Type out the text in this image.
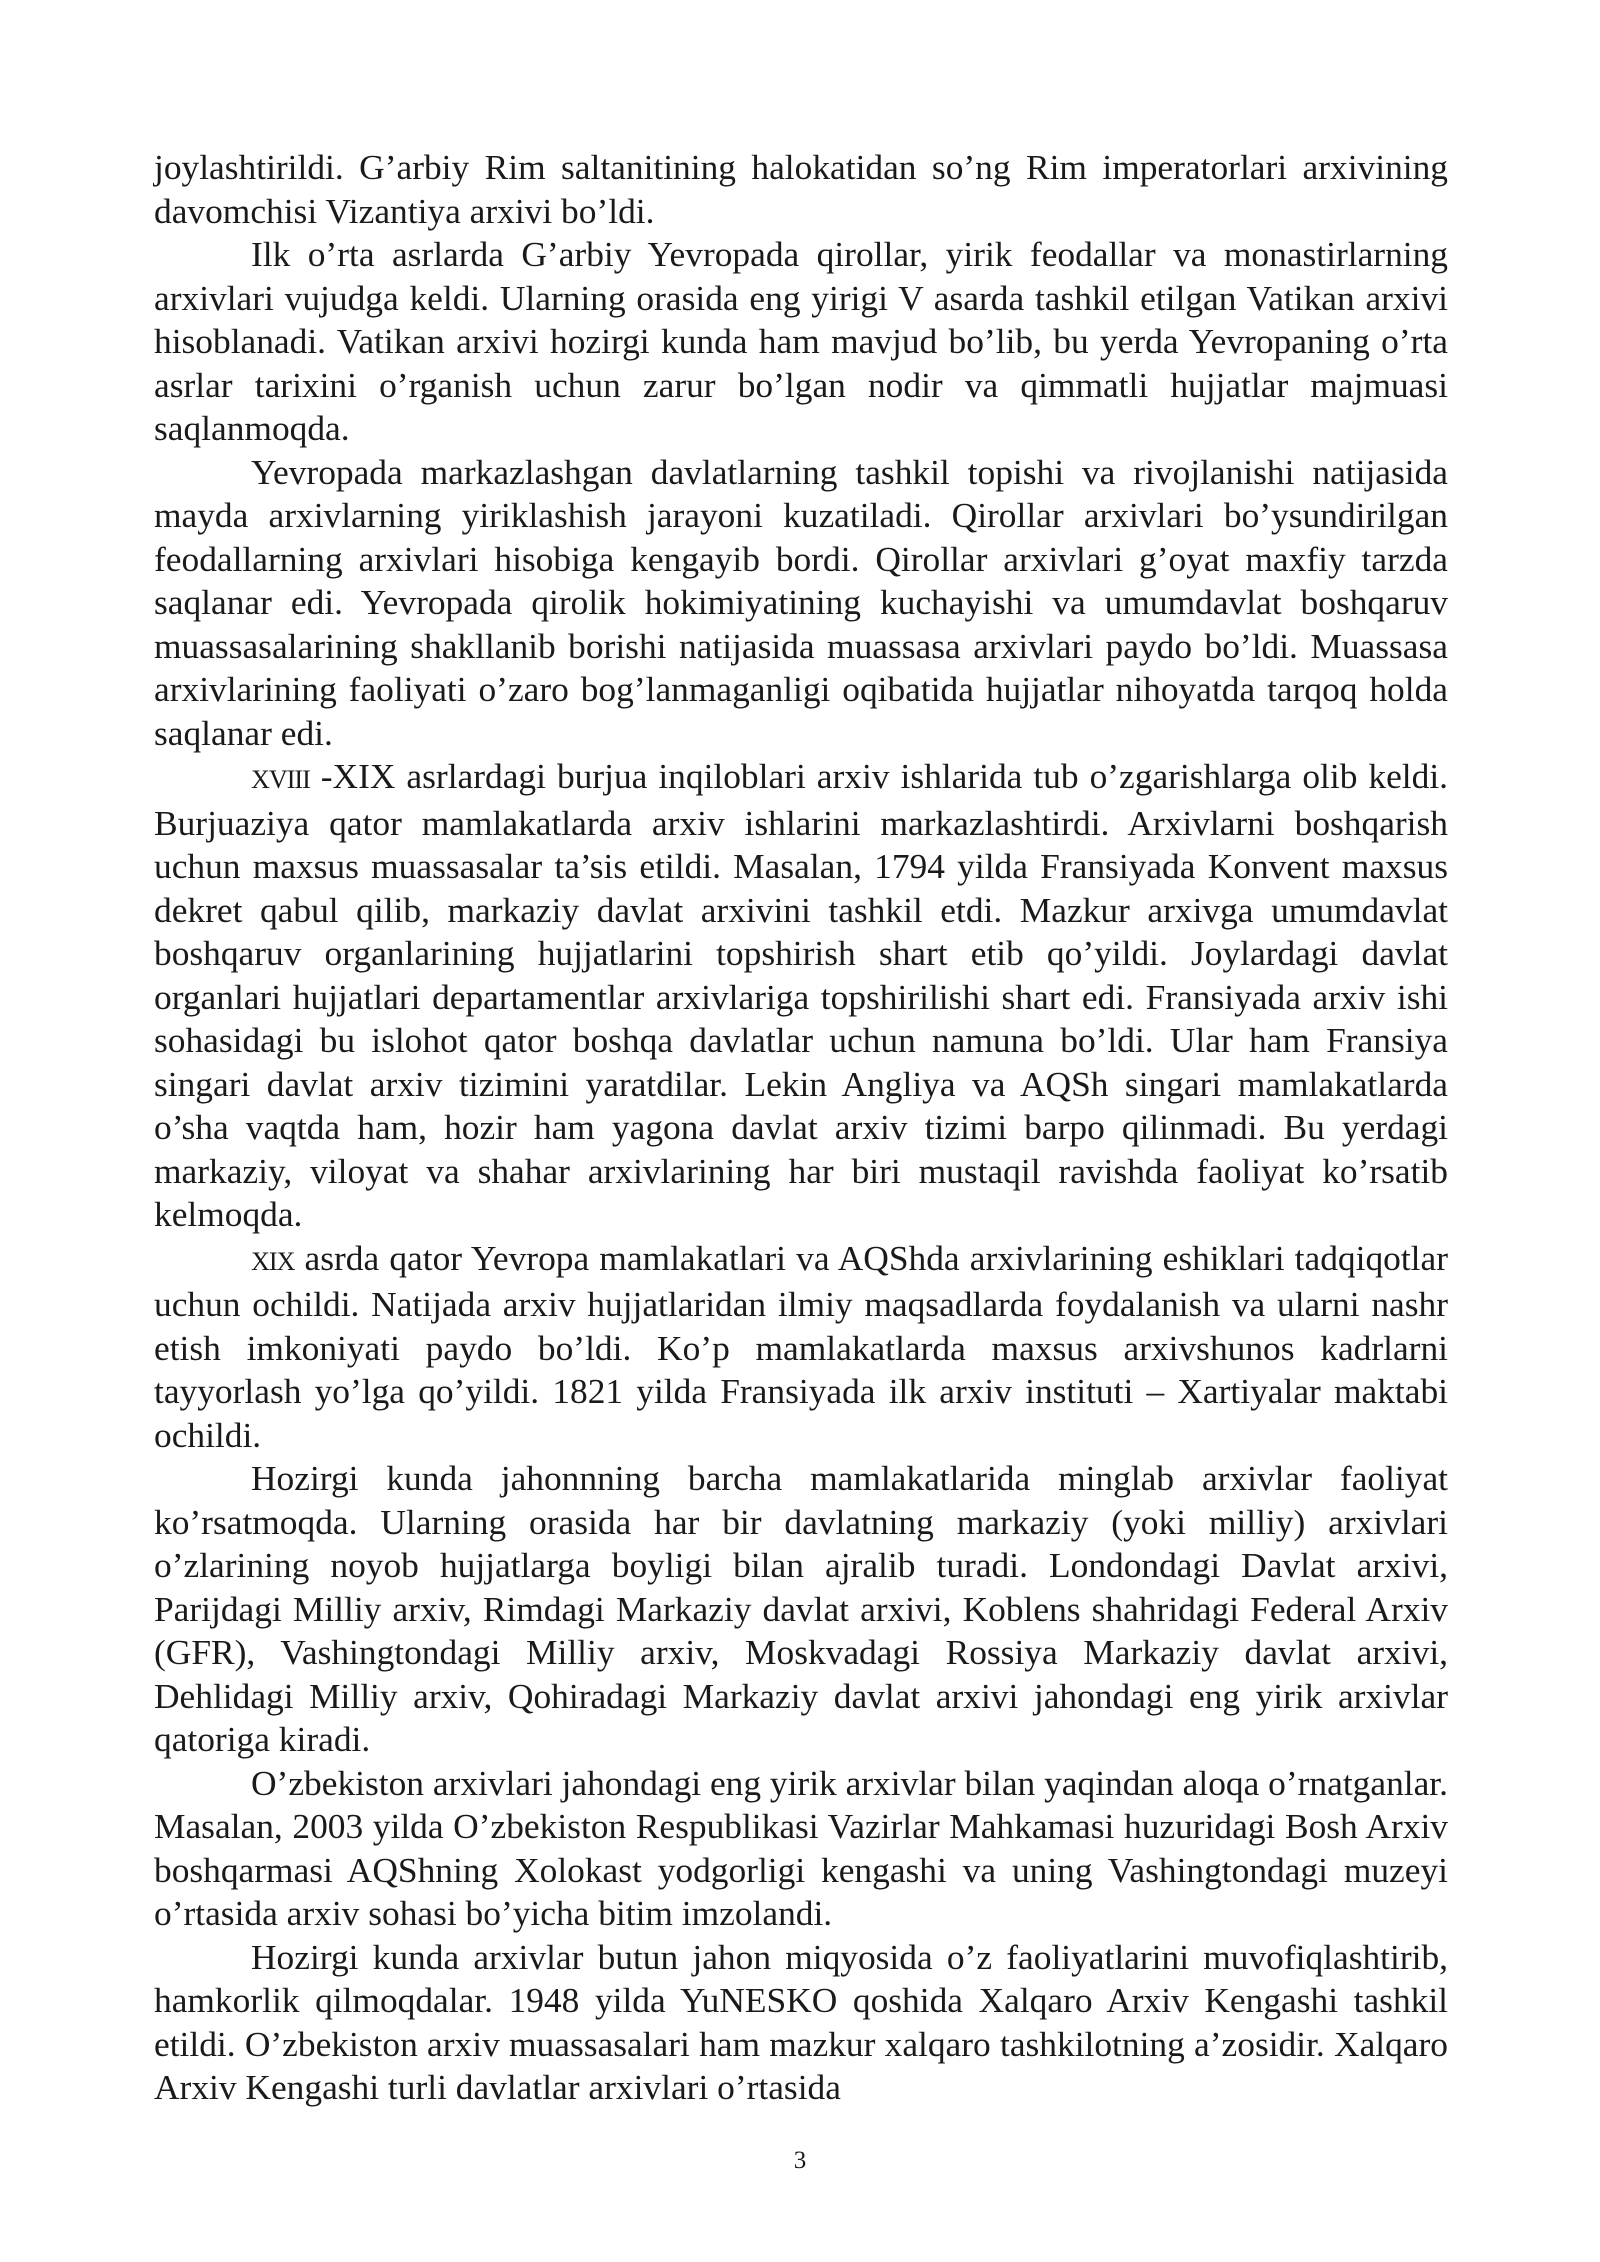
joylashtirildi. G’arbiy Rim saltanitining halokatidan so’ng Rim imperatorlari arxivining davomchisi Vizantiya arxivi bo’ldi.

Ilk o’rta asrlarda G’arbiy Yevropada qirollar, yirik feodallar va monastirlarning arxivlari vujudga keldi. Ularning orasida eng yirigi V asarda tashkil etilgan Vatikan arxivi hisoblanadi. Vatikan arxivi hozirgi kunda ham mavjud bo’lib, bu yerda Yevropaning o’rta asrlar tarixini o’rganish uchun zarur bo’lgan nodir va qimmatli hujjatlar majmuasi saqlanmoqda.

Yevropada markazlashgan davlatlarning tashkil topishi va rivojlanishi natijasida mayda arxivlarning yiriklashish jarayoni kuzatiladi. Qirollar arxivlari bo’ysundirilgan feodallarning arxivlari hisobiga kengayib bordi. Qirollar arxivlari g’oyat maxfiy tarzda saqlanar edi. Yevropada qirolik hokimiyatining kuchayishi va umumdavlat boshqaruv muassasalarining shakllanib borishi natijasida muassasa arxivlari paydo bo’ldi. Muassasa arxivlarining faoliyati o’zaro bog’lanmaganligi oqibatida hujjatlar nihoyatda tarqoq holda saqlanar edi.

XVIII -XIX asrlardagi burjua inqiloblari arxiv ishlarida tub o’zgarishlarga olib keldi. Burjuaziya qator mamlakatlarda arxiv ishlarini markazlashtirdi. Arxivlarni boshqarish uchun maxsus muassasalar ta’sis etildi. Masalan, 1794 yilda Fransiyada Konvent maxsus dekret qabul qilib, markaziy davlat arxivini tashkil etdi. Mazkur arxivga umumdavlat boshqaruv organlarining hujjatlarini topshirish shart etib qo’yildi. Joylardagi davlat organlari hujjatlari departamentlar arxivlariga topshirilishi shart edi. Fransiyada arxiv ishi sohasidagi bu islohot qator boshqa davlatlar uchun namuna bo’ldi. Ular ham Fransiya singari davlat arxiv tizimini yaratdilar. Lekin Angliya va AQSh singari mamlakatlarda o’sha vaqtda ham, hozir ham yagona davlat arxiv tizimi barpo qilinmadi. Bu yerdagi markaziy, viloyat va shahar arxivlarining har biri mustaqil ravishda faoliyat ko’rsatib kelmoqda.

XIX asrda qator Yevropa mamlakatlari va AQShda arxivlarining eshiklari tadqiqotlar uchun ochildi. Natijada arxiv hujjatlaridan ilmiy maqsadlarda foydalanish va ularni nashr etish imkoniyati paydo bo’ldi. Ko’p mamlakatlarda maxsus arxivshunos kadrlarni tayyorlash yo’lga qo’yildi. 1821 yilda Fransiyada ilk arxiv instituti – Xartiyalar maktabi ochildi.

Hozirgi kunda jahonnning barcha mamlakatlarida minglab arxivlar faoliyat ko’rsatmoqda. Ularning orasida har bir davlatning markaziy (yoki milliy) arxivlari o’zlarining noyob hujjatlarga boyligi bilan ajralib turadi. Londondagi Davlat arxivi, Parijdagi Milliy arxiv, Rimdagi Markaziy davlat arxivi, Koblens shahridagi Federal Arxiv (GFR), Vashingtondagi Milliy arxiv, Moskvadagi Rossiya Markaziy davlat arxivi, Dehlidagi Milliy arxiv, Qohiradagi Markaziy davlat arxivi jahondagi eng yirik arxivlar qatoriga kiradi.

O’zbekiston arxivlari jahondagi eng yirik arxivlar bilan yaqindan aloqa o’rnatganlar. Masalan, 2003 yilda O’zbekiston Respublikasi Vazirlar Mahkamasi huzuridagi Bosh Arxiv boshqarmasi AQShning Xolokast yodgorligi kengashi va uning Vashingtondagi muzeyi o’rtasida arxiv sohasi bo’yicha bitim imzolandi.

Hozirgi kunda arxivlar butun jahon miqyosida o’z faoliyatlarini muvofiqlashtirib, hamkorlik qilmoqdalar. 1948 yilda YuNESKO qoshida Xalqaro Arxiv Kengashi tashkil etildi. O’zbekiston arxiv muassasalari ham mazkur xalqaro tashkilotning a’zosidir. Xalqaro Arxiv Kengashi turli davlatlar arxivlari o’rtasida

3
